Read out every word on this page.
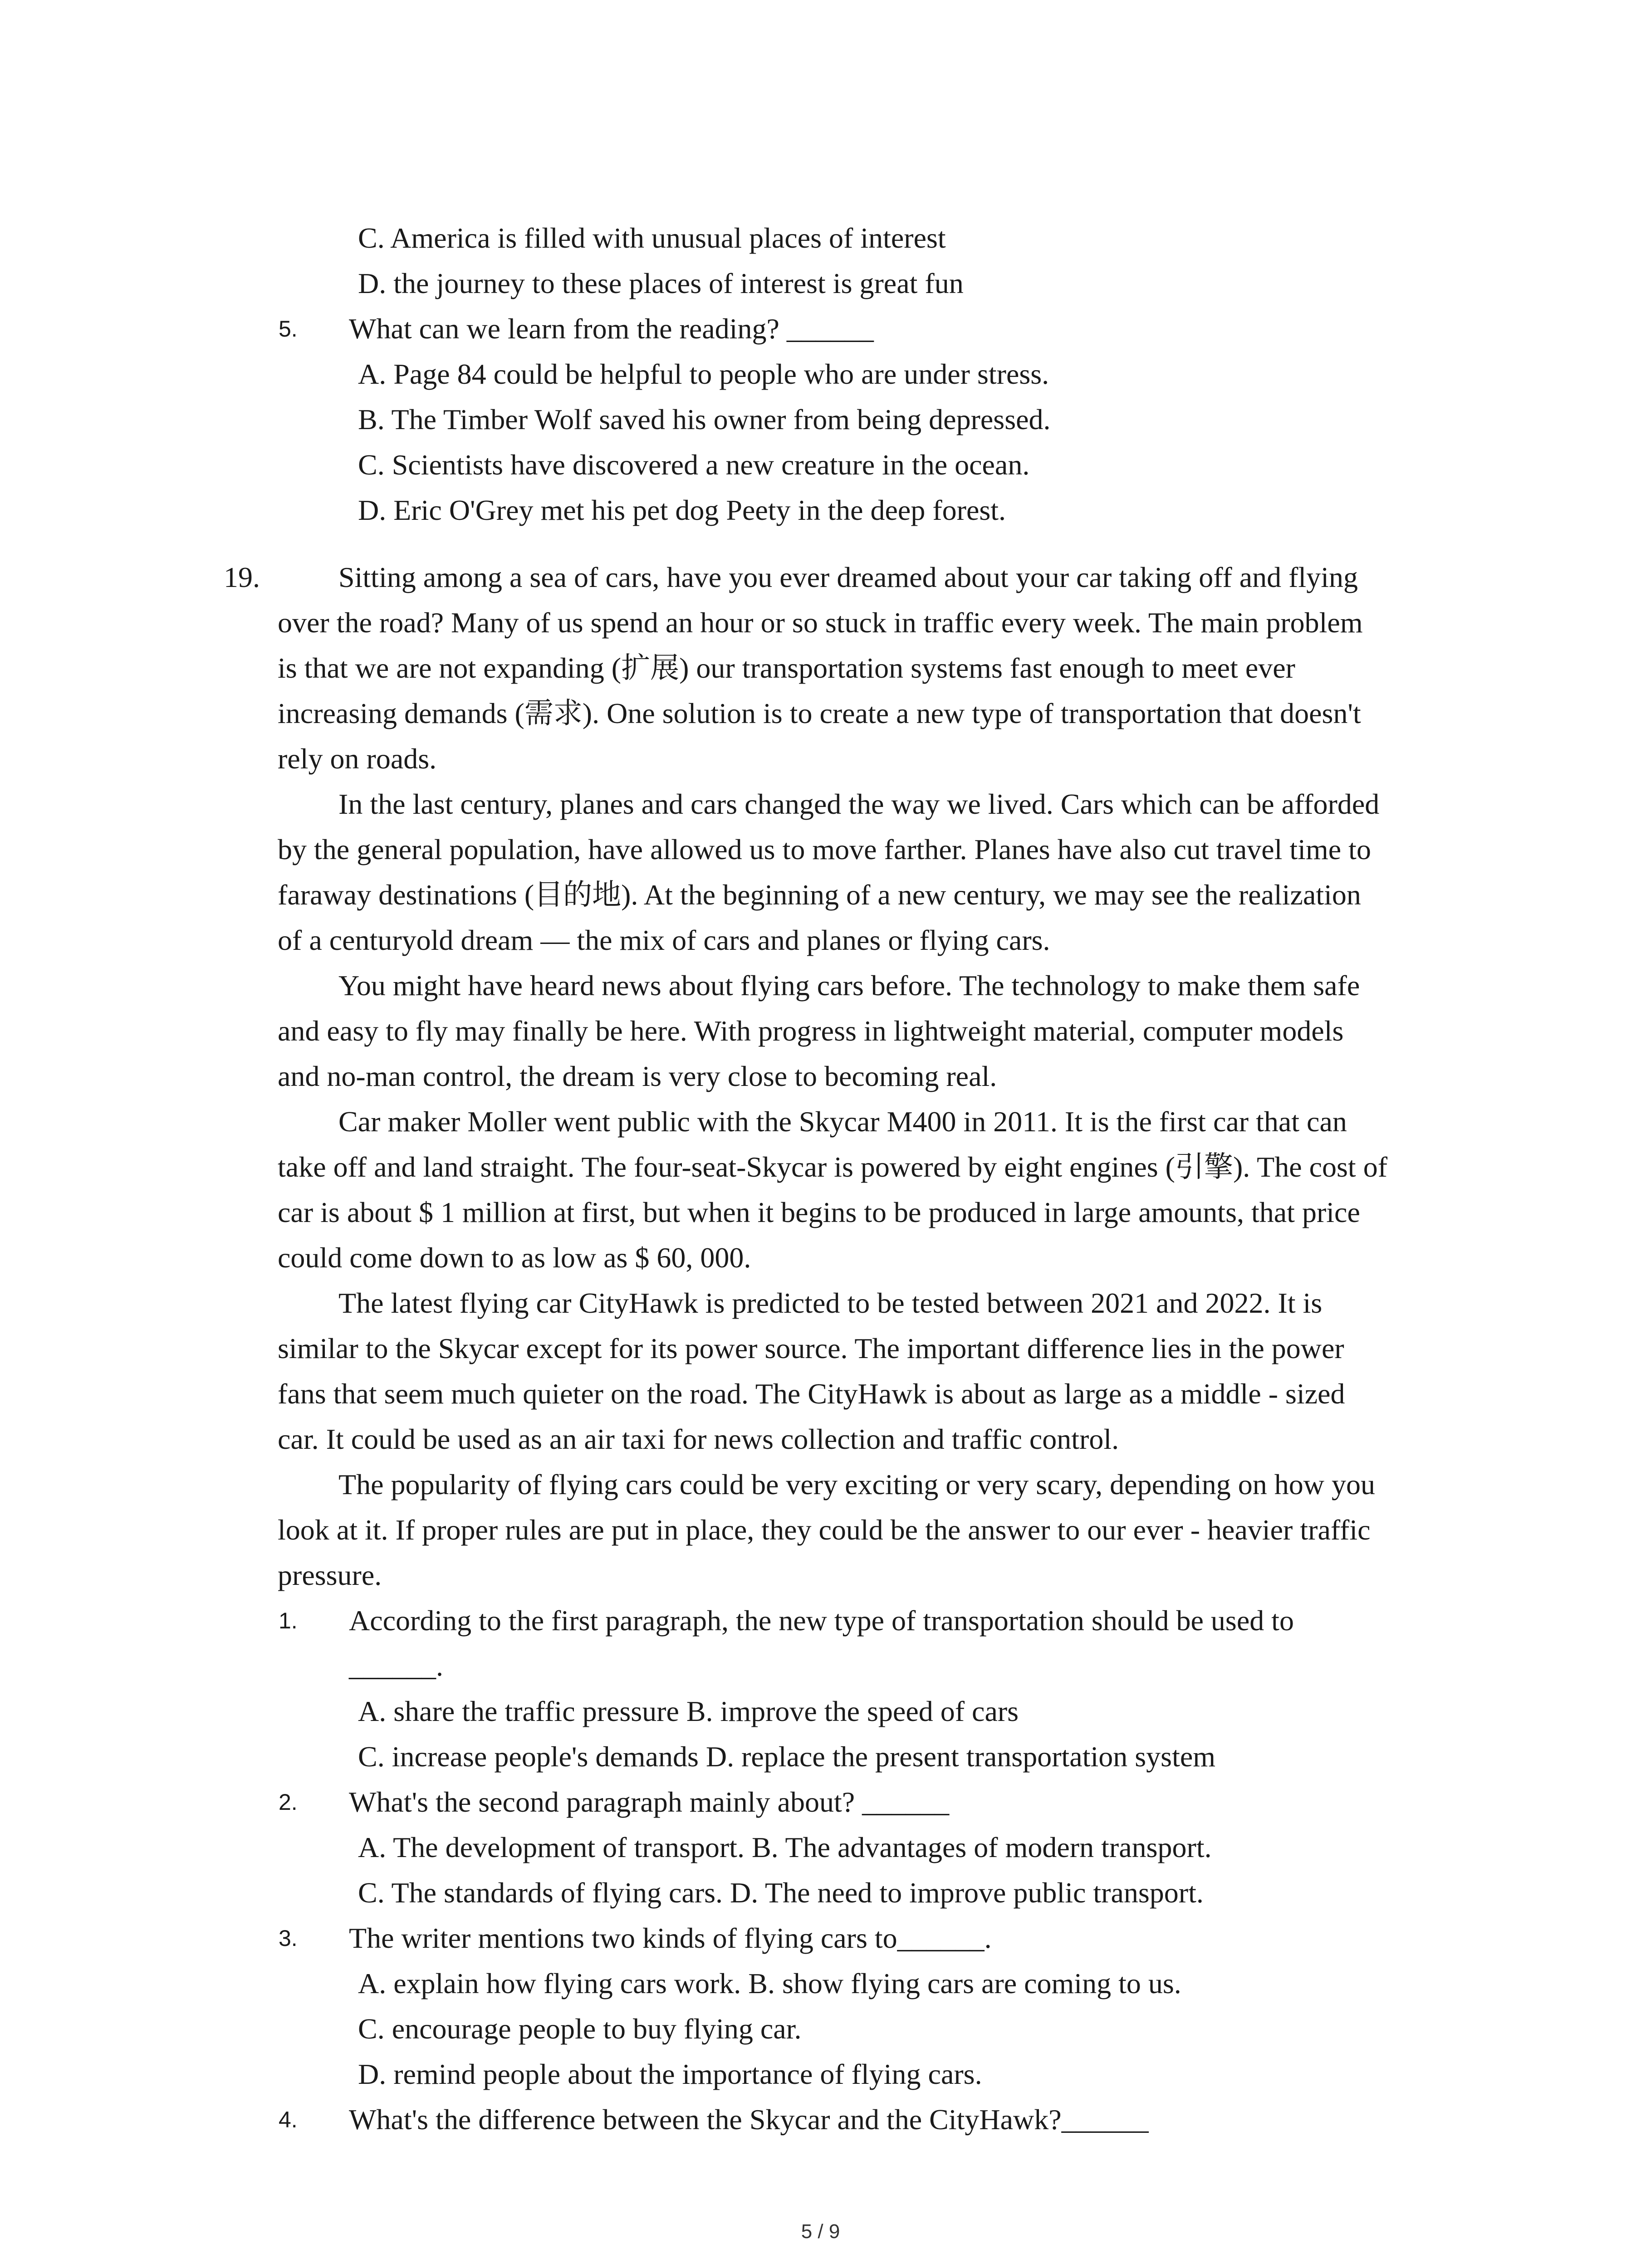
C. America is filled with unusual places of interest
D. the journey to these places of interest is great fun
5. What can we learn from the reading? ______
A. Page 84 could be helpful to people who are under stress.
B. The Timber Wolf saved his owner from being depressed.
C. Scientists have discovered a new creature in the ocean.
D. Eric O'Grey met his pet dog Peety in the deep forest.
19.	Sitting among a sea of cars, have you ever dreamed about your car taking off and flying
over the road? Many of us spend an hour or so stuck in traffic every week. The main problem
is that we are not expanding (扩展) our transportation systems fast enough to meet ever
increasing demands (需求). One solution is to create a new type of transportation that doesn't
rely on roads.
In the last century, planes and cars changed the way we lived. Cars which can be afforded
by the general population, have allowed us to move farther. Planes have also cut travel time to
faraway destinations (目的地). At the beginning of a new century, we may see the realization
of a centuryold dream — the mix of cars and planes or flying cars.
You might have heard news about flying cars before. The technology to make them safe
and easy to fly may finally be here. With progress in lightweight material, computer models
and no-man control, the dream is very close to becoming real.
Car maker Moller went public with the Skycar M400 in 2011. It is the first car that can
take off and land straight. The four-seat-Skycar is powered by eight engines (引擎). The cost of
car is about $ 1 million at first, but when it begins to be produced in large amounts, that price
could come down to as low as $ 60, 000.
The latest flying car CityHawk is predicted to be tested between 2021 and 2022. It is
similar to the Skycar except for its power source. The important difference lies in the power
fans that seem much quieter on the road. The CityHawk is about as large as a middle - sized
car. It could be used as an air taxi for news collection and traffic control.
The popularity of flying cars could be very exciting or very scary, depending on how you
look at it. If proper rules are put in place, they could be the answer to our ever - heavier traffic
pressure.
1. According to the first paragraph, the new type of transportation should be used to
______.
A. share the traffic pressure B. improve the speed of cars
C. increase people's demands D. replace the present transportation system
2. What's the second paragraph mainly about? ______
A. The development of transport. B. The advantages of modern transport.
C. The standards of flying cars. D. The need to improve public transport.
3. The writer mentions two kinds of flying cars to______.
A. explain how flying cars work. B. show flying cars are coming to us.
C. encourage people to buy flying car.
D. remind people about the importance of flying cars.
4. What's the difference between the Skycar and the CityHawk?______
5 / 9
